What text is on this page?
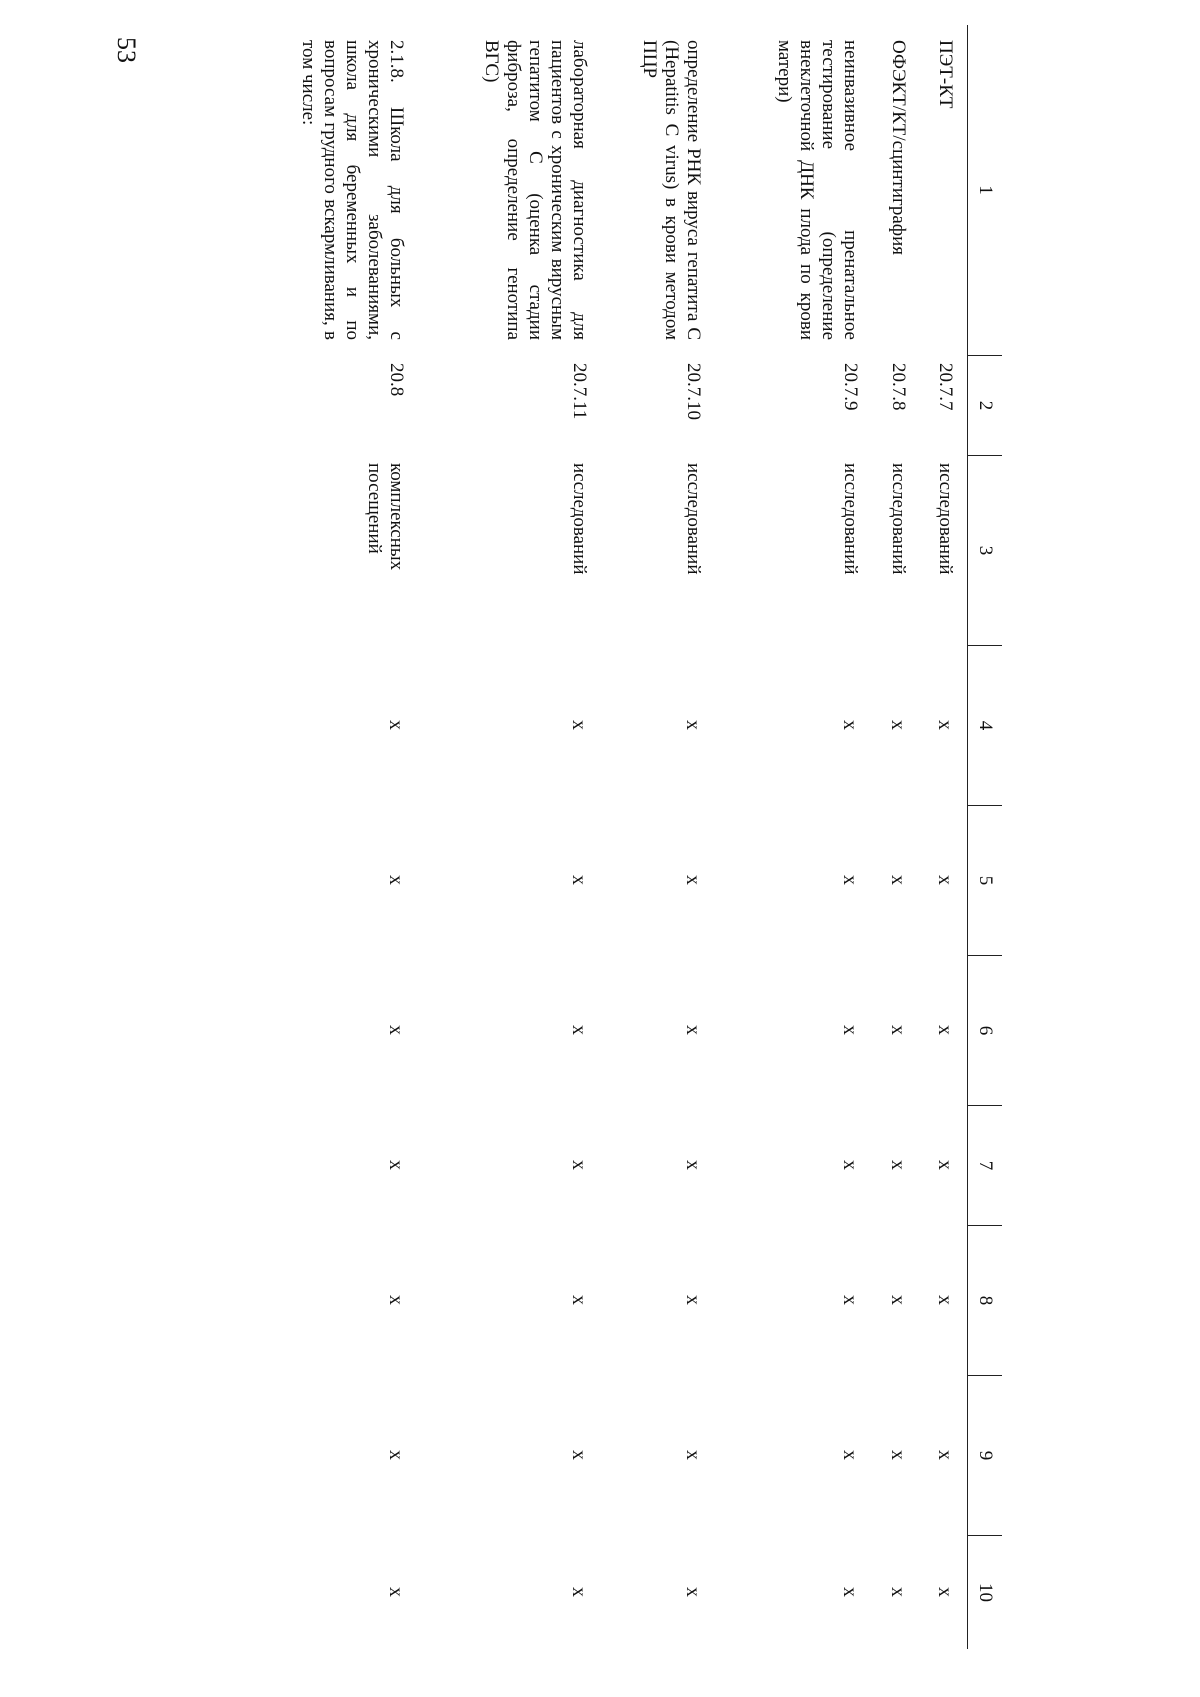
53
1
2
3
4
5
6
7
8
9
10
ПЭТ-КТ
20.7.7
исследований
x
x
x
x
x
x
x
ОФЭКТ/КТ/сцинтиграфия
20.7.8
исследований
x
x
x
x
x
x
x
неинвазивное пренатальное тестирование (определение внеклеточной ДНК плода по крови матери)
20.7.9
исследований
x
x
x
x
x
x
x
определение РНК вируса гепатита C (Hepatitis C virus) в крови методом ПЦР
20.7.10
исследований
x
x
x
x
x
x
x
лабораторная диагностика для пациентов с хроническим вирусным гепатитом C (оценка стадии фиброза, определение генотипа ВГС)
20.7.11
исследований
x
x
x
x
x
x
x
2.1.8. Школа для больных с хроническими заболеваниями, школа для беременных и по вопросам грудного вскармливания, в том числе:
20.8
комплексных посещений
x
x
x
x
x
x
x
